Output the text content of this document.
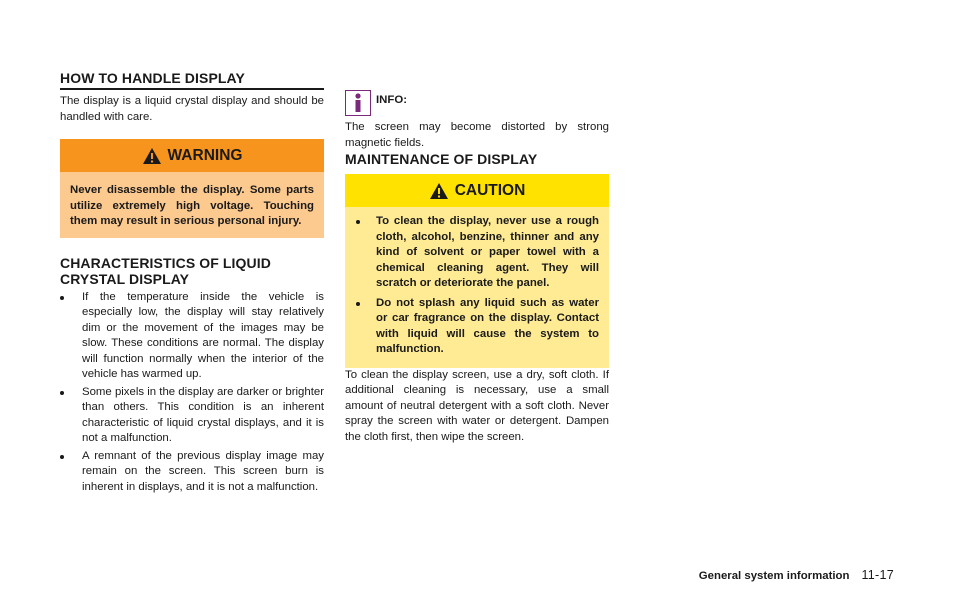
HOW TO HANDLE DISPLAY

The display is a liquid crystal display and should be handled with care.

WARNING
Never disassemble the display. Some parts utilize extremely high voltage. Touching them may result in serious personal injury.
CHARACTERISTICS OF LIQUID
CRYSTAL DISPLAY
If the temperature inside the vehicle is especially low, the display will stay relatively dim or the movement of the images may be slow. These conditions are normal. The display will function normally when the interior of the vehicle has warmed up.
Some pixels in the display are darker or brighter than others. This condition is an inherent characteristic of liquid crystal displays, and it is not a malfunction.
A remnant of the previous display image may remain on the screen. This screen burn is inherent in displays, and it is not a malfunction.
INFO:

The screen may become distorted by strong magnetic fields.

MAINTENANCE OF DISPLAY
CAUTION
To clean the display, never use a rough cloth, alcohol, benzine, thinner and any kind of solvent or paper towel with a chemical cleaning agent. They will scratch or deteriorate the panel.
Do not splash any liquid such as water or car fragrance on the display. Contact with liquid will cause the system to malfunction.

To clean the display screen, use a dry, soft cloth. If additional cleaning is necessary, use a small amount of neutral detergent with a soft cloth. Never spray the screen with water or detergent. Dampen the cloth first, then wipe the screen.

General system information 11-17
